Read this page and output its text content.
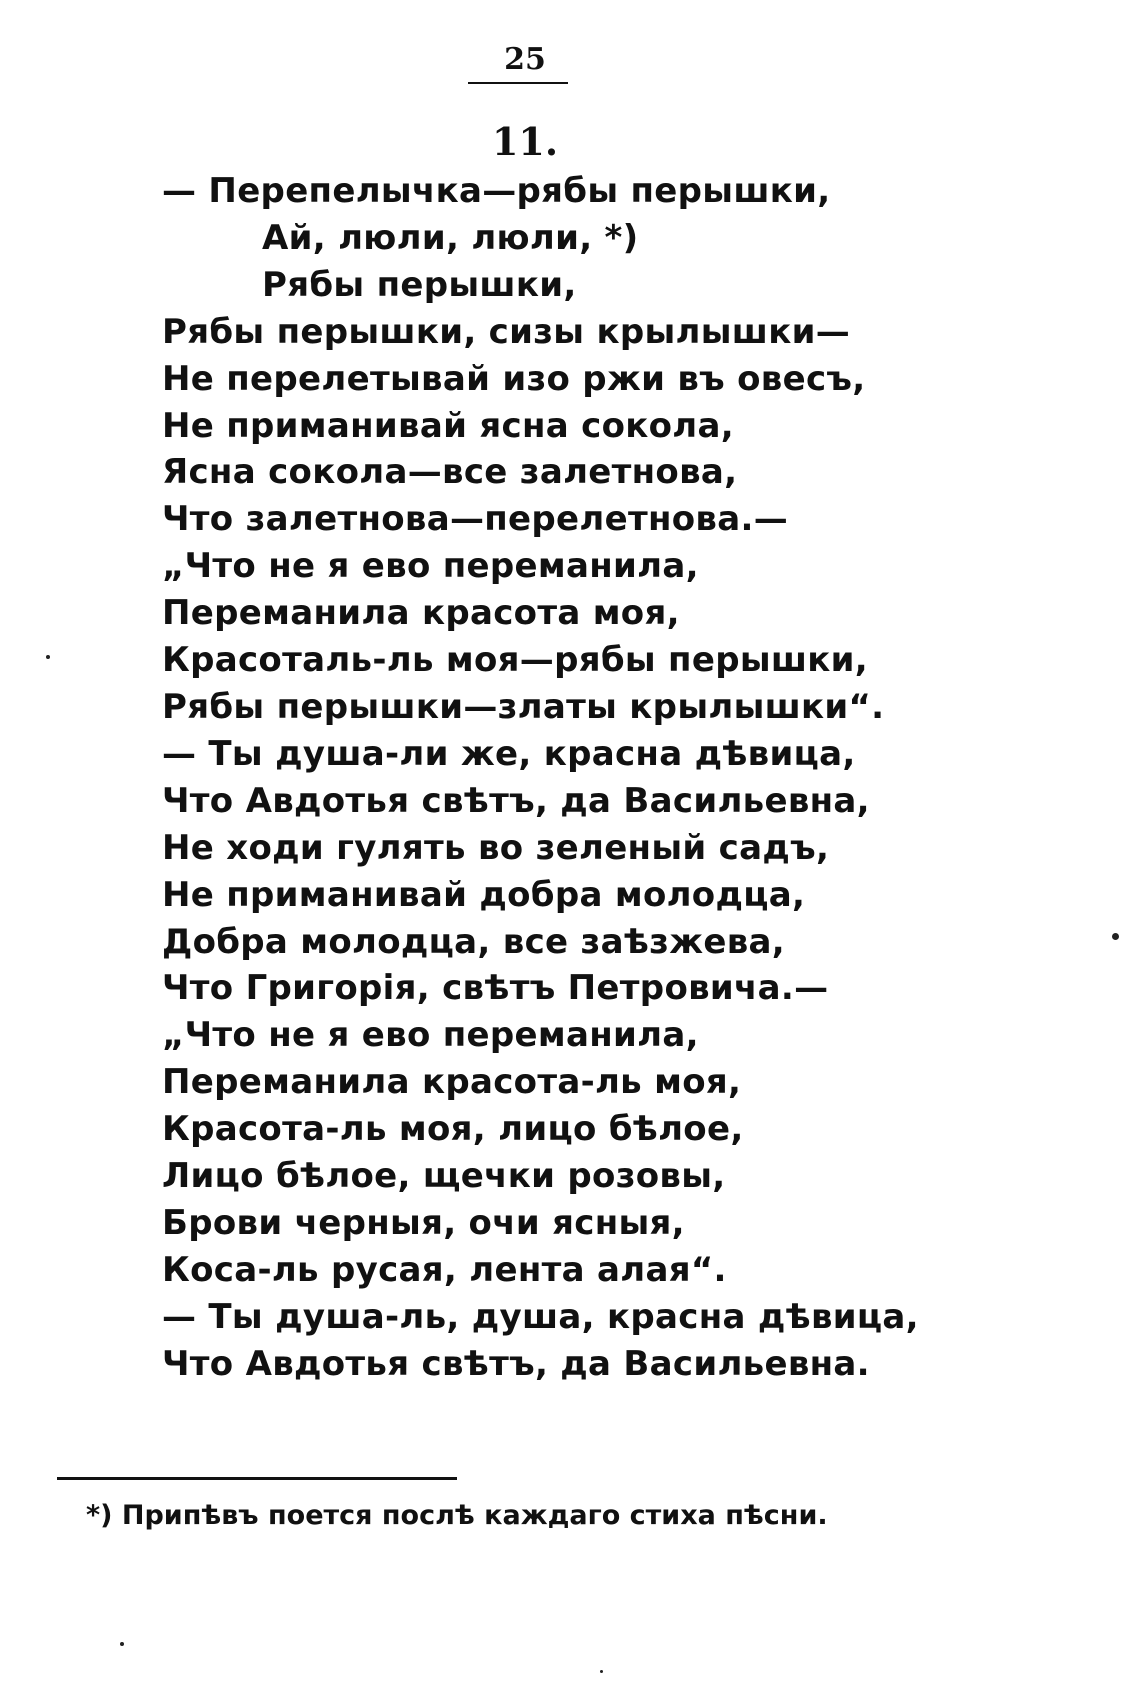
25
11.
— Перепелычка—рябы перышки,
Ай, люли, люли, *)
Рябы перышки,
Рябы перышки, сизы крылышки—
Не перелетывай изо ржи въ овесъ,
Не приманивай ясна сокола,
Ясна сокола—все залетнова,
Что залетнова—перелетнова.—
„Что не я ево переманила,
Переманила красота моя,
Красоталь-ль моя—рябы перышки,
Рябы перышки—златы крылышки“.
— Ты душа-ли же, красна дѣвица,
Что Авдотья свѣтъ, да Васильевна,
Не ходи гулять во зеленый садъ,
Не приманивай добра молодца,
Добра молодца, все заѣзжева,
Что Григорія, свѣтъ Петровича.—
„Что не я ево переманила,
Переманила красота-ль моя,
Красота-ль моя, лицо бѣлое,
Лицо бѣлое, щечки розовы,
Брови черныя, очи ясныя,
Коса-ль русая, лента алая“.
— Ты душа-ль, душа, красна дѣвица,
Что Авдотья свѣтъ, да Васильевна.
*) Припѣвъ поется послѣ каждаго стиха пѣсни.
